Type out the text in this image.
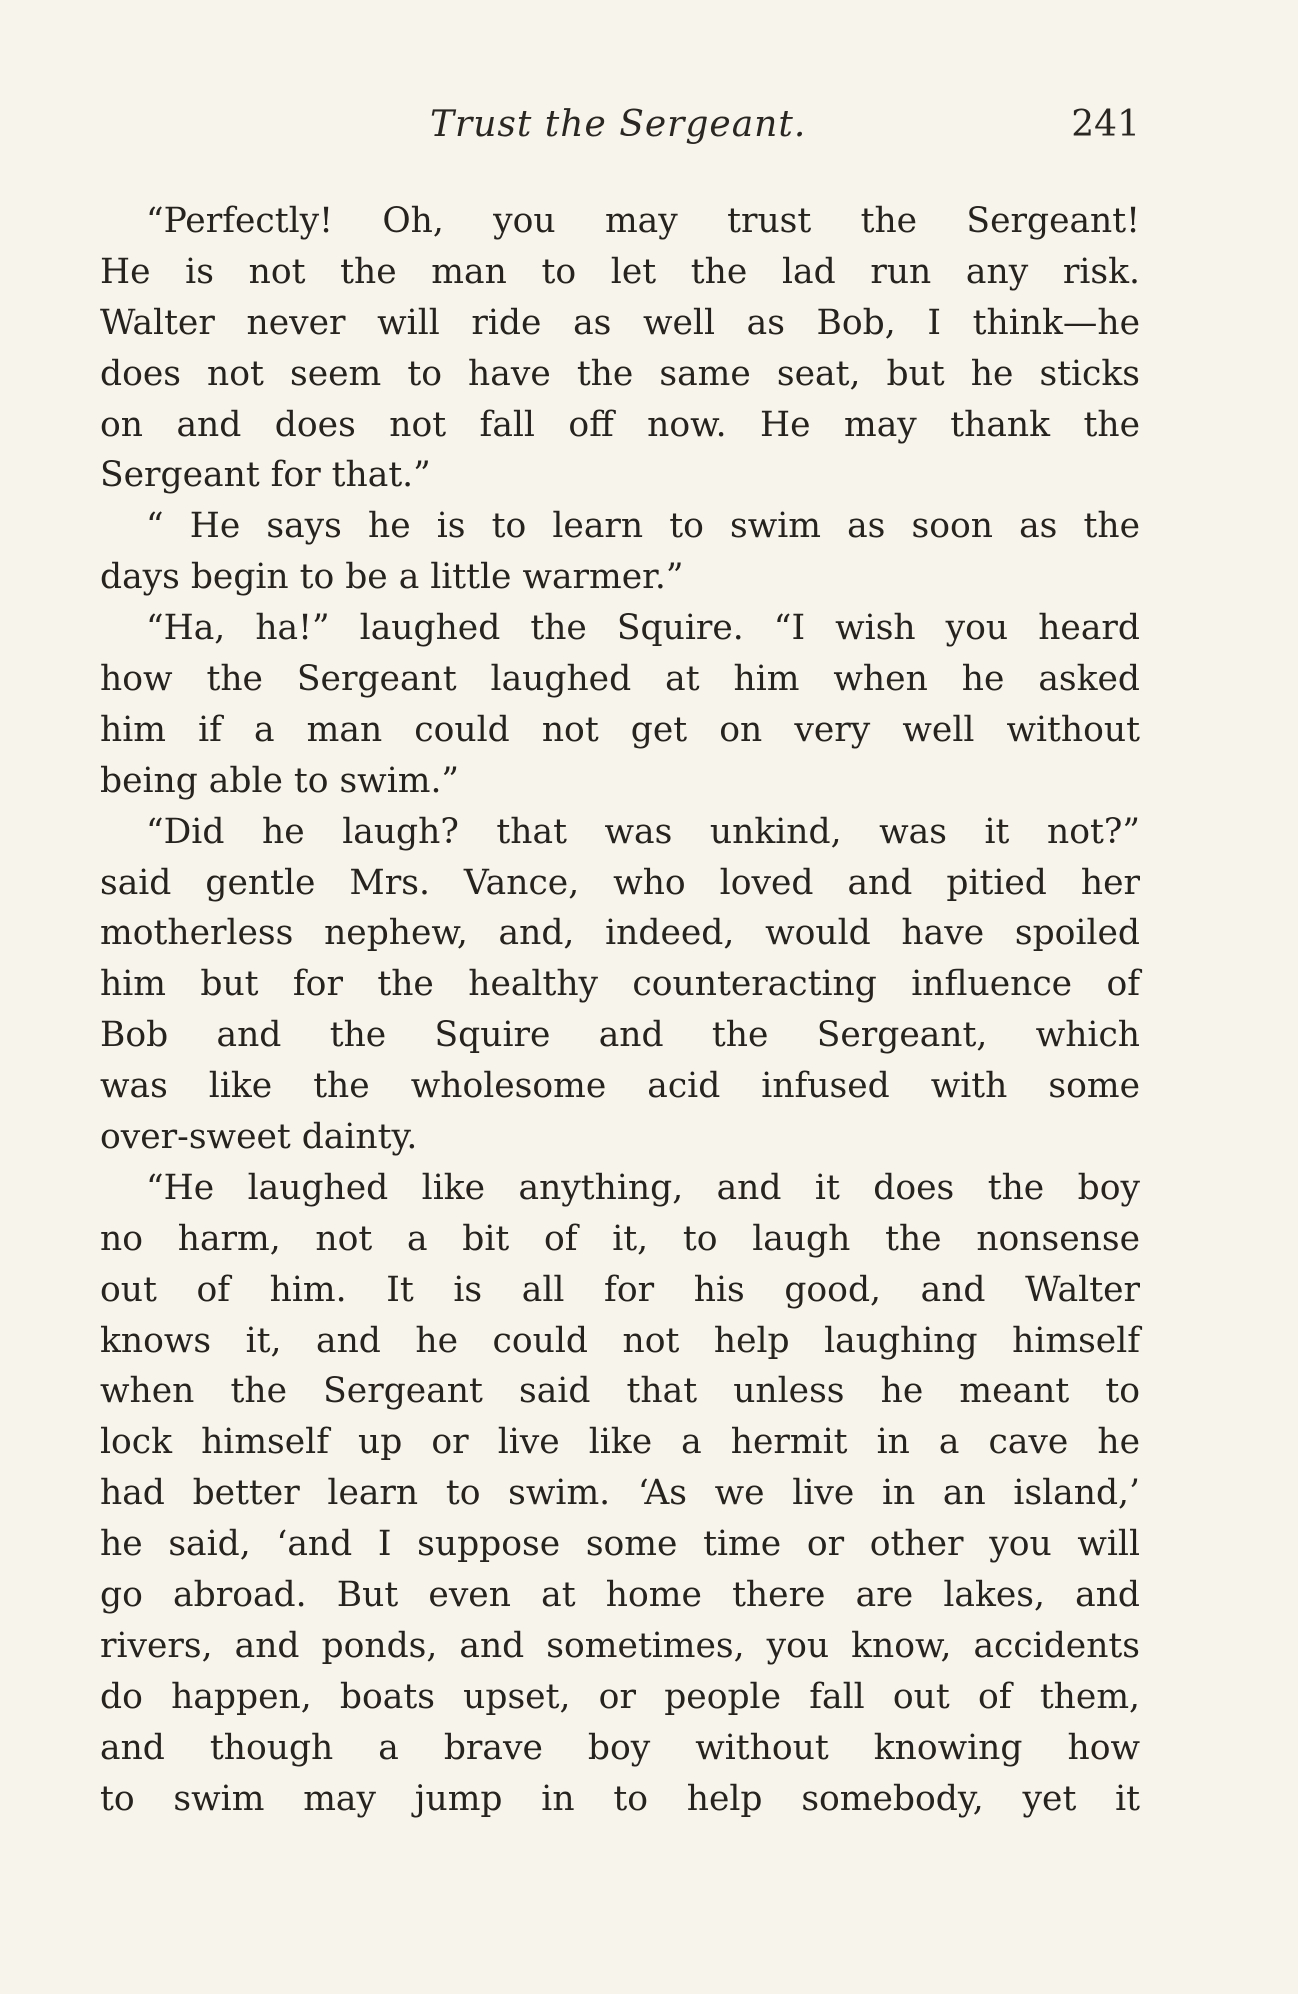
Trust the Sergeant.	241
“Perfectly! Oh, you may trust the Sergeant!
He is not the man to let the lad run any risk.
Walter never will ride as well as Bob, I think—he
does not seem to have the same seat, but he sticks
on and does not fall off now. He may thank the
Sergeant for that.”
“ He says he is to learn to swim as soon as the
days begin to be a little warmer.”
“Ha, ha!” laughed the Squire. “I wish you heard
how the Sergeant laughed at him when he asked
him if a man could not get on very well without
being able to swim.”
“Did he laugh? that was unkind, was it not?”
said gentle Mrs. Vance, who loved and pitied her
motherless nephew, and, indeed, would have spoiled
him but for the healthy counteracting influence of
Bob and the Squire and the Sergeant, which
was like the wholesome acid infused with some
over-sweet dainty.
“He laughed like anything, and it does the boy
no harm, not a bit of it, to laugh the nonsense
out of him. It is all for his good, and Walter
knows it, and he could not help laughing himself
when the Sergeant said that unless he meant to
lock himself up or live like a hermit in a cave he
had better learn to swim. ‘As we live in an island,’
he said, ‘and I suppose some time or other you will
go abroad. But even at home there are lakes, and
rivers, and ponds, and sometimes, you know, accidents
do happen, boats upset, or people fall out of them,
and though a brave boy without knowing how
to swim may jump in to help somebody, yet it
